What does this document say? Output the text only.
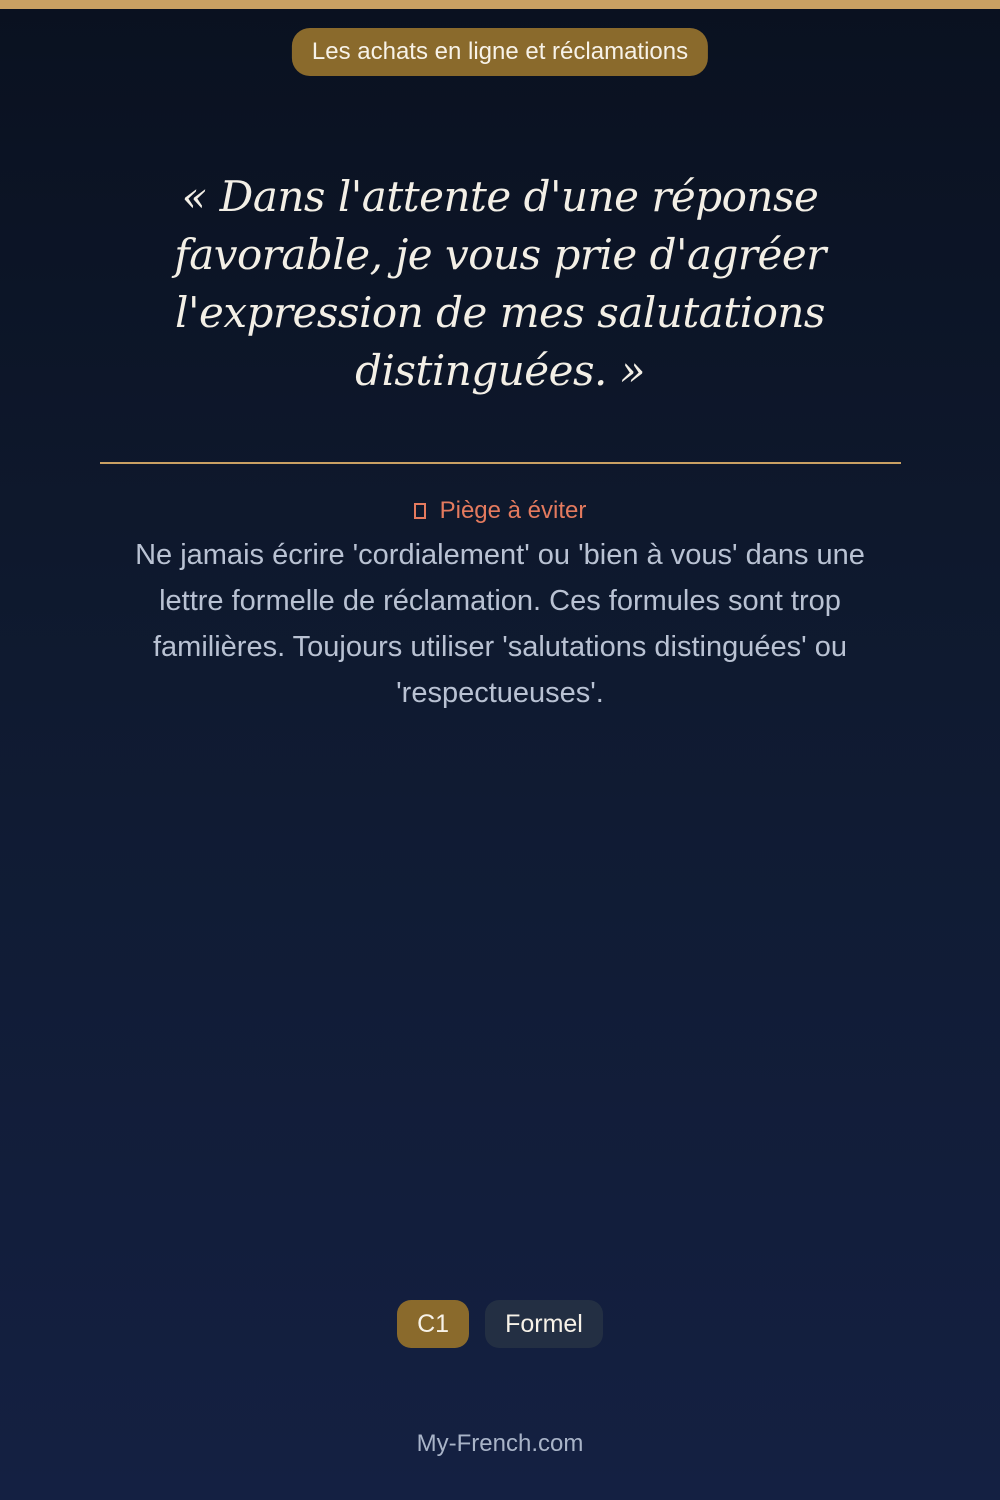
Les achats en ligne et réclamations

« Dans l'attente d'une réponse favorable, je vous prie d'agréer l'expression de mes salutations distinguées. »

Piège à éviter

Ne jamais écrire 'cordialement' ou 'bien à vous' dans une lettre formelle de réclamation. Ces formules sont trop familières. Toujours utiliser 'salutations distinguées' ou 'respectueuses'.

C1	Formel
My-French.com
